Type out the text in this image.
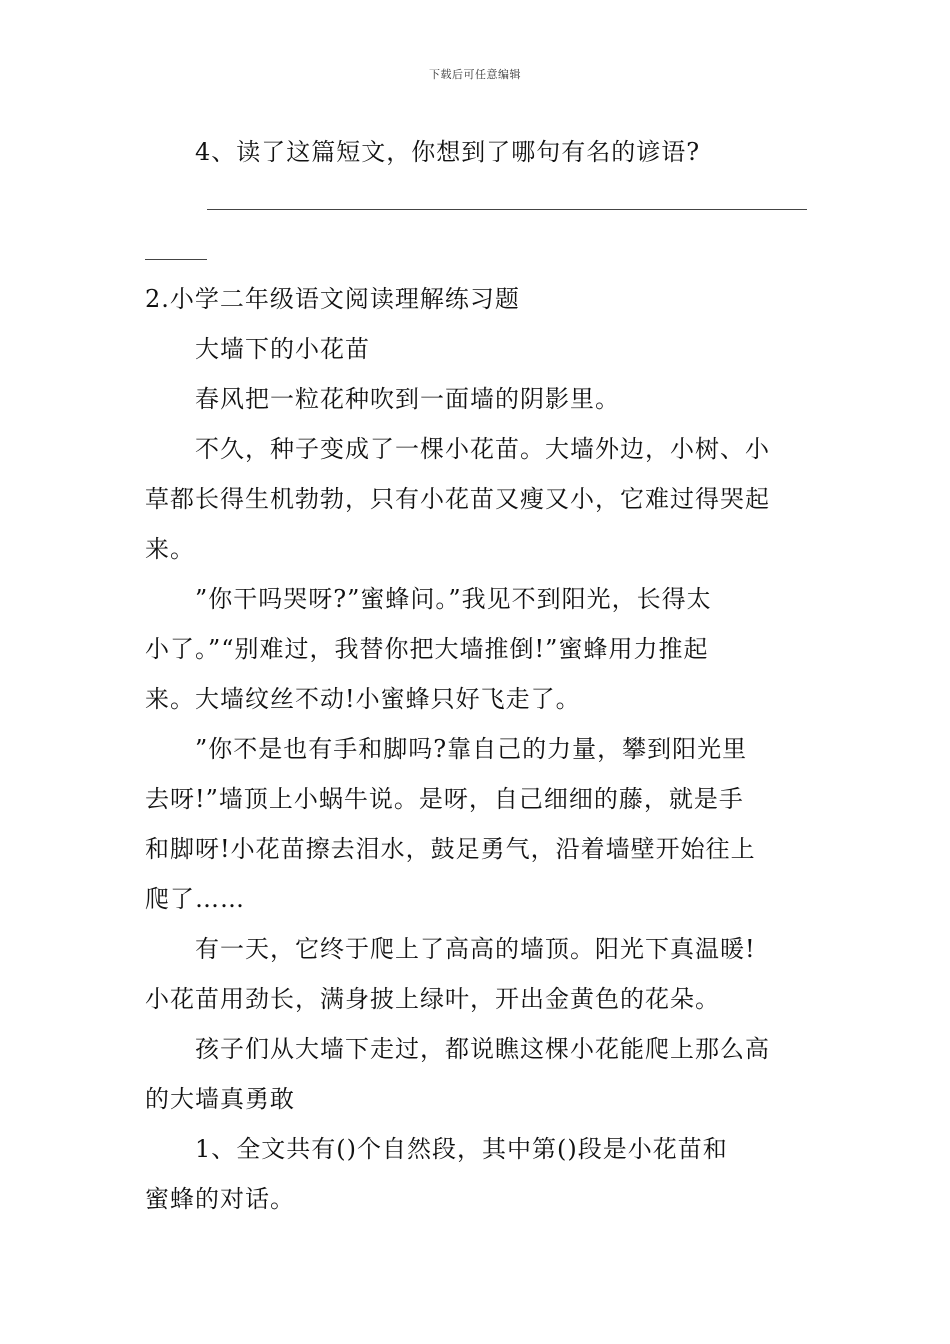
下载后可任意编辑
4、读了这篇短文，你想到了哪句有名的谚语?
2.小学二年级语文阅读理解练习题
大墙下的小花苗
春风把一粒花种吹到一面墙的阴影里。
不久，种子变成了一棵小花苗。大墙外边，小树、小
草都长得生机勃勃，只有小花苗又瘦又小，它难过得哭起
来。
”你干吗哭呀?”蜜蜂问。”我见不到阳光，长得太
小了。”“别难过，我替你把大墙推倒!”蜜蜂用力推起
来。大墙纹丝不动!小蜜蜂只好飞走了。
”你不是也有手和脚吗?靠自己的力量，攀到阳光里
去呀!”墙顶上小蜗牛说。是呀，自己细细的藤，就是手
和脚呀!小花苗擦去泪水，鼓足勇气，沿着墙壁开始往上
爬了……
有一天，它终于爬上了高高的墙顶。阳光下真温暖!
小花苗用劲长，满身披上绿叶，开出金黄色的花朵。
孩子们从大墙下走过，都说瞧这棵小花能爬上那么高
的大墙真勇敢
1、全文共有()个自然段，其中第()段是小花苗和
蜜蜂的对话。
